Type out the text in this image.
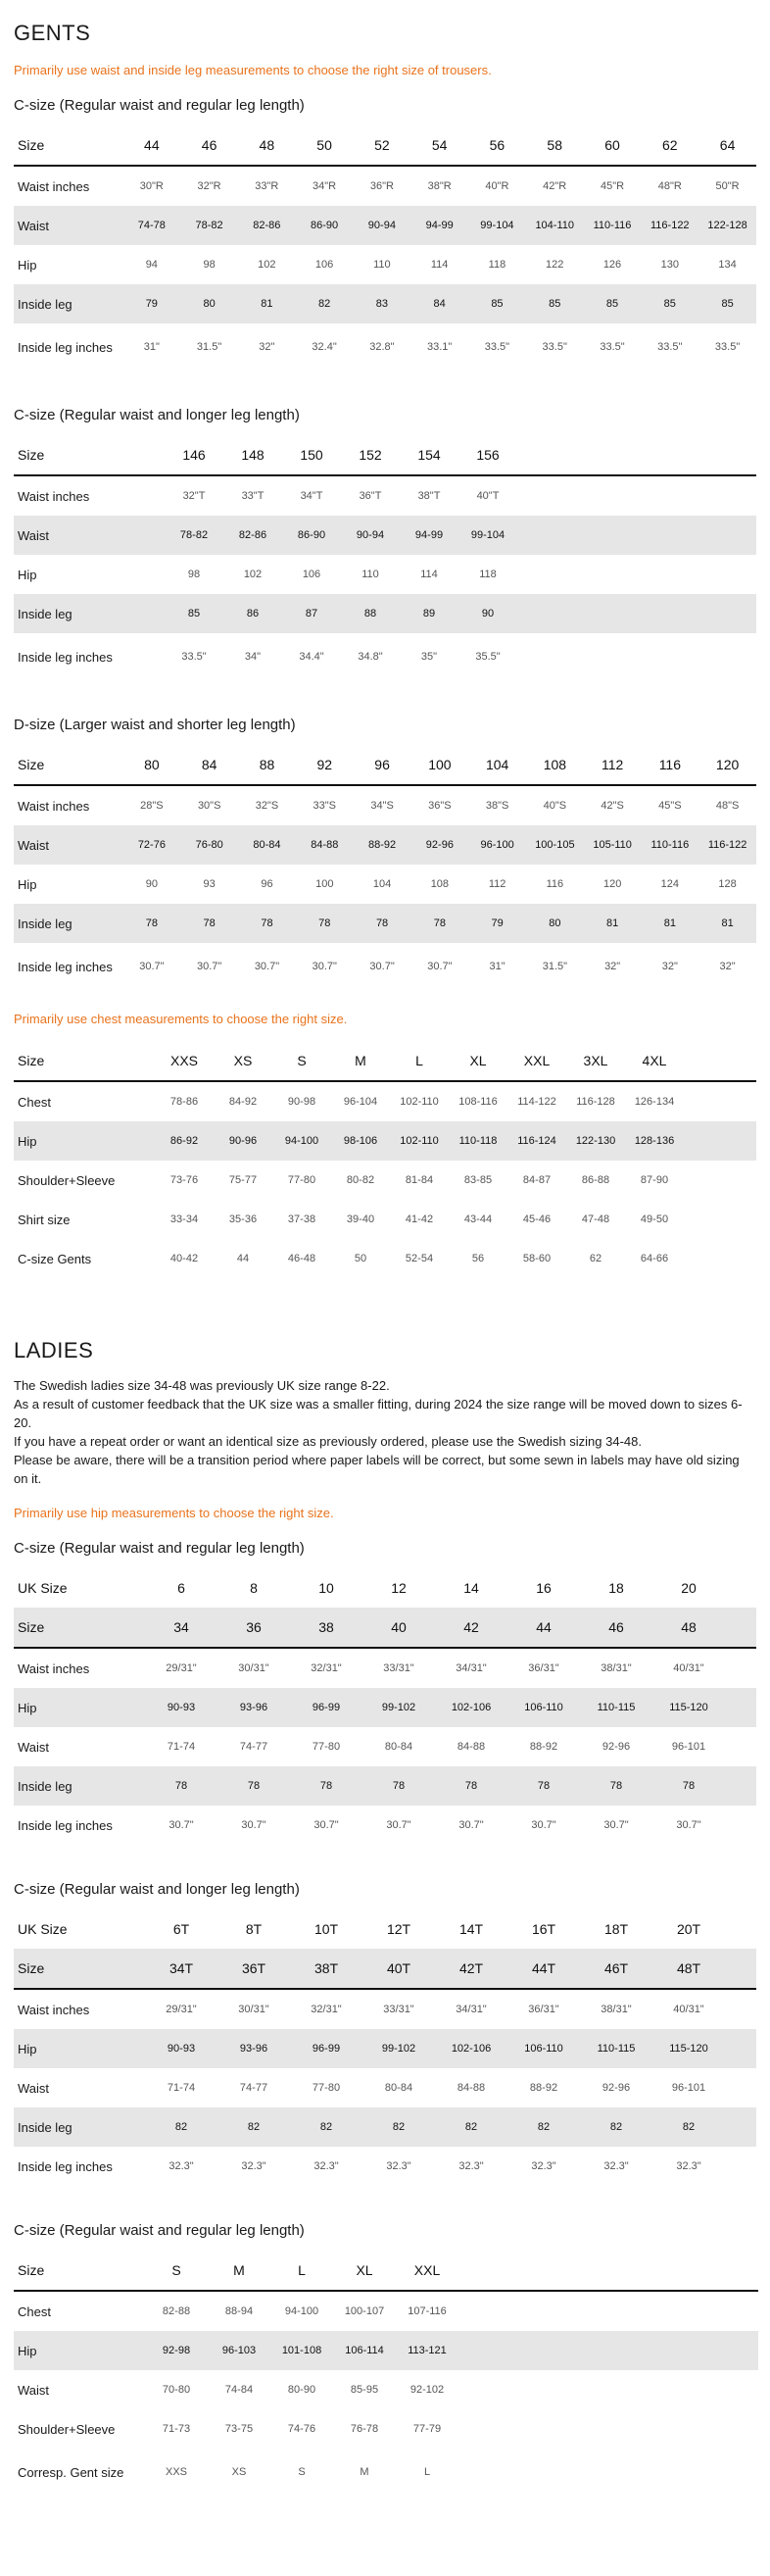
GENTS
Primarily use waist and inside leg measurements to choose the right size of trousers.
C-size (Regular waist and regular leg length)
Size	44	46	48	50	52	54	56	58	60	62	64	
Waist inches	30"R	32"R	33"R	34"R	36"R	38"R	40"R	42"R	45"R	48"R	50"R	
Waist	74-78	78-82	82-86	86-90	90-94	94-99	99-104	104-110	110-116	116-122	122-128	
Hip	94	98	102	106	110	114	118	122	126	130	134	
Inside leg	79	80	81	82	83	84	85	85	85	85	85	
Inside leg inches	31"	31.5"	32"	32.4"	32.8"	33.1"	33.5"	33.5"	33.5"	33.5"	33.5"	
C-size (Regular waist and longer leg length)
Size	146	148	150	152	154	156	
Waist inches	32"T	33"T	34"T	36"T	38"T	40"T	
Waist	78-82	82-86	86-90	90-94	94-99	99-104	
Hip	98	102	106	110	114	118	
Inside leg	85	86	87	88	89	90	
Inside leg inches	33.5"	34"	34.4"	34.8"	35"	35.5"	
D-size (Larger waist and shorter leg length)
Size	80	84	88	92	96	100	104	108	112	116	120	
Waist inches	28"S	30"S	32"S	33"S	34"S	36"S	38"S	40"S	42"S	45"S	48"S	
Waist	72-76	76-80	80-84	84-88	88-92	92-96	96-100	100-105	105-110	110-116	116-122	
Hip	90	93	96	100	104	108	112	116	120	124	128	
Inside leg	78	78	78	78	78	78	79	80	81	81	81	
Inside leg inches	30.7"	30.7"	30.7"	30.7"	30.7"	30.7"	31"	31.5"	32"	32"	32"	
Primarily use chest measurements to choose the right size.
Size	XXS	XS	S	M	L	XL	XXL	3XL	4XL	
Chest	78-86	84-92	90-98	96-104	102-110	108-116	114-122	116-128	126-134	
Hip	86-92	90-96	94-100	98-106	102-110	110-118	116-124	122-130	128-136	
Shoulder+Sleeve	73-76	75-77	77-80	80-82	81-84	83-85	84-87	86-88	87-90	
Shirt size	33-34	35-36	37-38	39-40	41-42	43-44	45-46	47-48	49-50	
C-size Gents	40-42	44	46-48	50	52-54	56	58-60	62	64-66	
LADIES

The Swedish ladies size 34-48 was previously UK size range 8-22.

As a result of customer feedback that the UK size was a smaller fitting, during 2024 the size range will be moved down to sizes 6-20.

If you have a repeat order or want an identical size as previously ordered, please use the Swedish sizing 34-48.

Please be aware, there will be a transition period where paper labels will be correct, but some sewn in labels may have old sizing on it.

Primarily use hip measurements to choose the right size.
C-size (Regular waist and regular leg length)
UK Size	6	8	10	12	14	16	18	20	
Size	34	36	38	40	42	44	46	48	
Waist inches	29/31"	30/31"	32/31"	33/31"	34/31"	36/31"	38/31"	40/31"	
Hip	90-93	93-96	96-99	99-102	102-106	106-110	110-115	115-120	
Waist	71-74	74-77	77-80	80-84	84-88	88-92	92-96	96-101	
Inside leg	78	78	78	78	78	78	78	78	
Inside leg inches	30.7"	30.7"	30.7"	30.7"	30.7"	30.7"	30.7"	30.7"	
C-size (Regular waist and longer leg length)
UK Size	6T	8T	10T	12T	14T	16T	18T	20T	
Size	34T	36T	38T	40T	42T	44T	46T	48T	
Waist inches	29/31"	30/31"	32/31"	33/31"	34/31"	36/31"	38/31"	40/31"	
Hip	90-93	93-96	96-99	99-102	102-106	106-110	110-115	115-120	
Waist	71-74	74-77	77-80	80-84	84-88	88-92	92-96	96-101	
Inside leg	82	82	82	82	82	82	82	82	
Inside leg inches	32.3"	32.3"	32.3"	32.3"	32.3"	32.3"	32.3"	32.3"	
C-size (Regular waist and regular leg length)
Size	S	M	L	XL	XXL	
Chest	82-88	88-94	94-100	100-107	107-116	
Hip	92-98	96-103	101-108	106-114	113-121	
Waist	70-80	74-84	80-90	85-95	92-102	
Shoulder+Sleeve	71-73	73-75	74-76	76-78	77-79	
Corresp. Gent size	XXS	XS	S	M	L	
